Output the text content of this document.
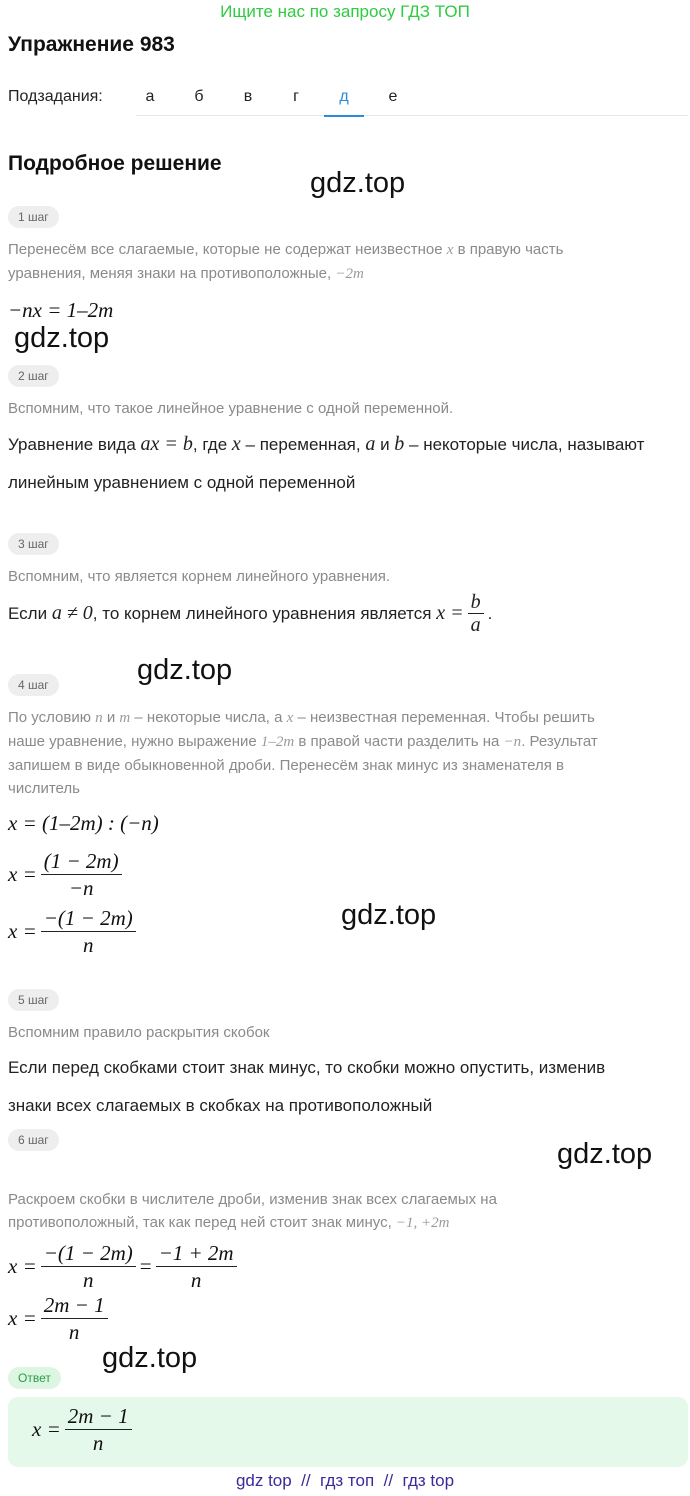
Ищите нас по запросу ГДЗ ТОП
Упражнение 983
Подзадания:	а	б	в	г	д	е
Подробное решение
gdz.top
gdz.top
gdz.top
gdz.top
gdz.top
gdz.top
1 шаг
Перенесём все слагаемые, которые не содержат неизвестное x в правую часть
уравнения, меняя знаки на противоположные, −2m
−nx = 1–2m
2 шаг
Вспомним, что такое линейное уравнение с одной переменной.
Уравнение вида ax = b, где x – переменная, a и b – некоторые числа, называют
линейным уравнением с одной переменной
3 шаг
Вспомним, что является корнем линейного уравнения.
Если
a ≠ 0 , то корнем линейного уравнения является
$x = \frac{b}{a}$ .
4 шаг
По условию n и m – некоторые числа, а x – неизвестная переменная. Чтобы решить
наше уравнение, нужно выражение 1–2m в правой части разделить на −n. Результат
запишем в виде обыкновенной дроби. Перенесём знак минус из знаменателя в
числитель
x = (1–2m) : (−n)
$x = \frac{(1 - 2m)}{-n}$
$x = \frac{-(1 - 2m)}{n}$
5 шаг
Вспомним правило раскрытия скобок
Если перед скобками стоит знак минус, то скобки можно опустить, изменив
знаки всех слагаемых в скобках на противоположный
6 шаг
Раскроем скобки в числителе дроби, изменив знак всех слагаемых на
противоположный, так как перед ней стоит знак минус, −1, +2m
$x = \frac{-(1 - 2m)}{n} = \frac{-1 + 2m}{n}$
$x = \frac{2m - 1}{n}$
Ответ
$x = \frac{2m - 1}{n}$
gdz top  //  гдз топ  //  гдз top
